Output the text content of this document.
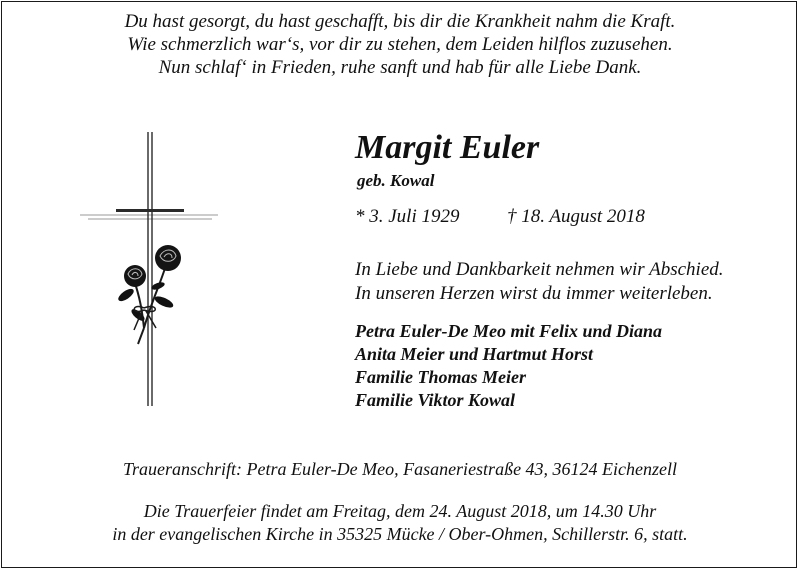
Du hast gesorgt, du hast geschafft, bis dir die Krankheit nahm die Kraft.
Wie schmerzlich war‘s, vor dir zu stehen, dem Leiden hilflos zuzusehen.
Nun schlaf‘ in Frieden, ruhe sanft und hab für alle Liebe Dank.
Margit Euler
geb. Kowal
* 3. Juli 1929	† 18. August 2018
In Liebe und Dankbarkeit nehmen wir Abschied.
In unseren Herzen wirst du immer weiterleben.
Petra Euler-De Meo mit Felix und Diana
Anita Meier und Hartmut Horst
Familie Thomas Meier
Familie Viktor Kowal
Traueranschrift: Petra Euler-De Meo, Fasaneriestraße 43, 36124 Eichenzell
Die Trauerfeier findet am Freitag, dem 24. August 2018, um 14.30 Uhr
in der evangelischen Kirche in 35325 Mücke / Ober-Ohmen, Schillerstr. 6, statt.
